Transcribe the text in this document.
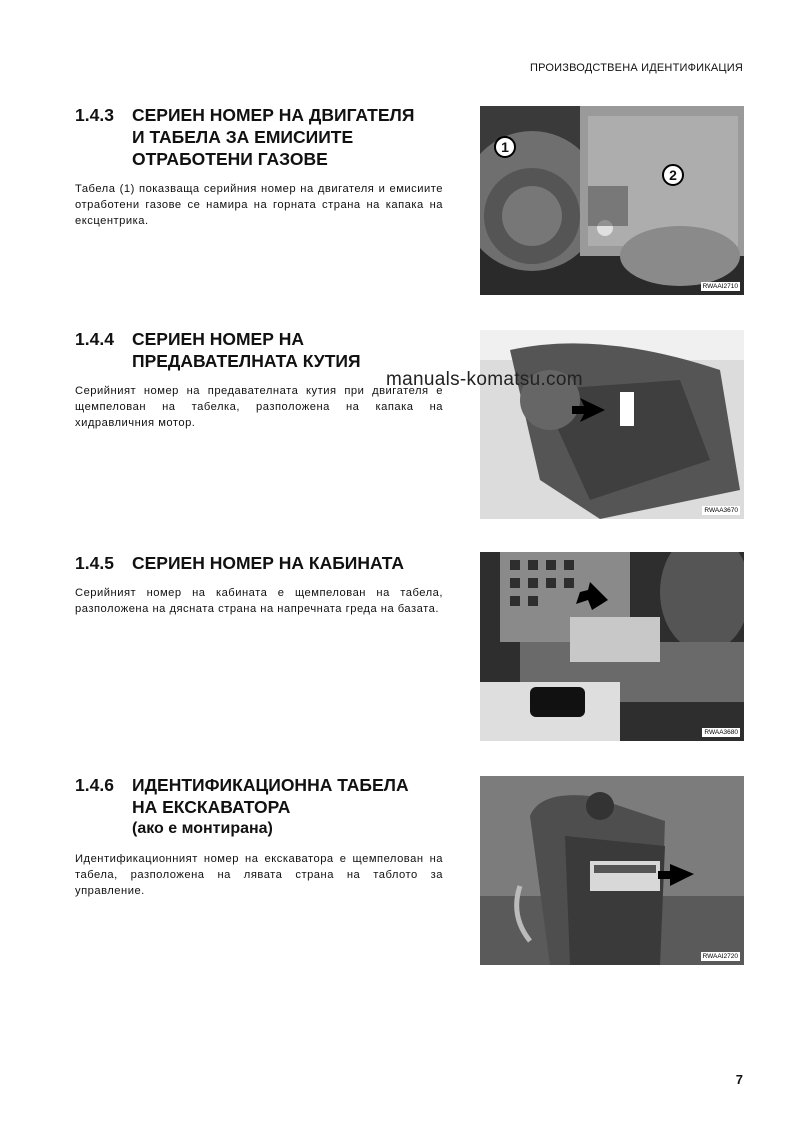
ПРОИЗВОДСТВЕНА ИДЕНТИФИКАЦИЯ
1.4.3 СЕРИЕН НОМЕР НА ДВИГАТЕЛЯ
И ТАБЕЛА ЗА ЕМИСИИТЕ
ОТРАБОТЕНИ ГАЗОВЕ
Табела (1) показваща серийния номер на двигателя и емисиите отработени газове се намира на горната страна на капака на ексцентрика.
1
2
RWAAI2710
1.4.4 СЕРИЕН НОМЕР НА
ПРЕДАВАТЕЛНАТА КУТИЯ
Серийният номер на предавателната кутия при двигателя е щемпелован на табелка, разположена на капака на хидравличния мотор.
RWAA3670
1.4.5 СЕРИЕН НОМЕР НА КАБИНАТА
Серийният номер на кабината е щемпелован на табела, разположена на дясната страна на напречната греда на базата.
RWAA3680
1.4.6 ИДЕНТИФИКАЦИОННА ТАБЕЛА
НА ЕКСКАВАТОРА
(ако е монтирана)
Идентификационният номер на екскаватора е щемпелован на табела, разположена на лявата страна на таблото за управление.
RWAAI2720
manuals-komatsu.com
7
